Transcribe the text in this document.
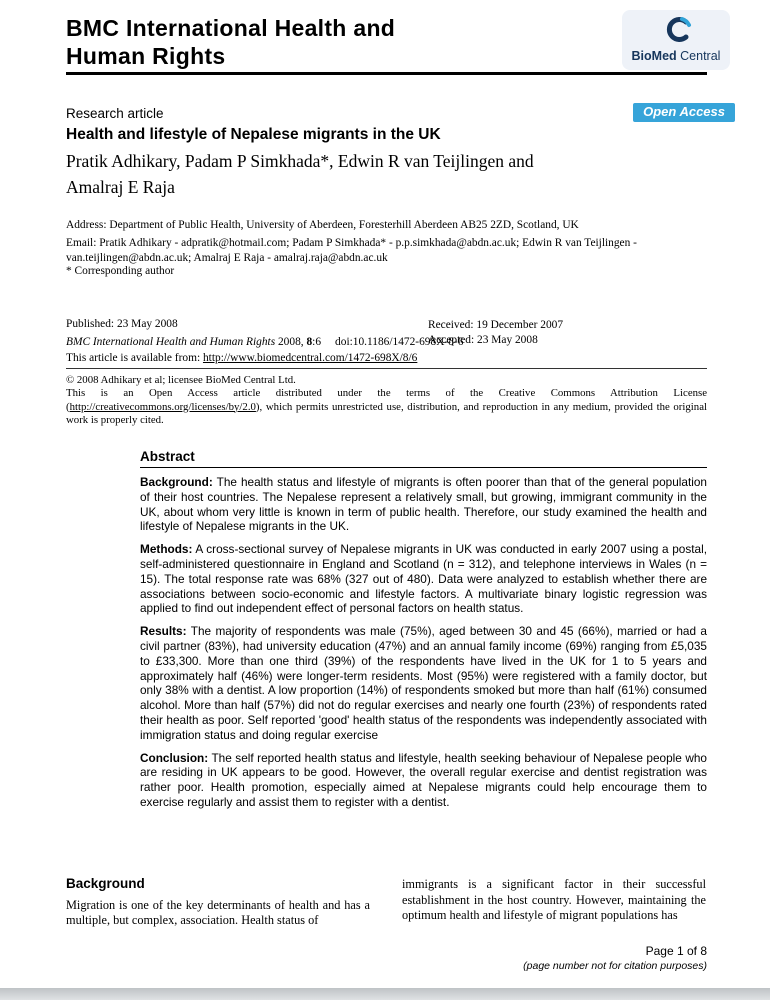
BMC International Health and
Human Rights	BioMed Central
Research article	Open Access
Health and lifestyle of Nepalese migrants in the UK
Pratik Adhikary, Padam P Simkhada*, Edwin R van Teijlingen and
Amalraj E Raja
Address: Department of Public Health, University of Aberdeen, Foresterhill Aberdeen AB25 2ZD, Scotland, UK
Email: Pratik Adhikary - adpratik@hotmail.com; Padam P Simkhada* - p.p.simkhada@abdn.ac.uk; Edwin R van Teijlingen - van.teijlingen@abdn.ac.uk; Amalraj E Raja - amalraj.raja@abdn.ac.uk
* Corresponding author
Published: 23 May 2008	Received: 19 December 2007
Accepted: 23 May 2008
BMC International Health and Human Rights 2008, 8:6 doi:10.1186/1472-698X-8-6
This article is available from: http://www.biomedcentral.com/1472-698X/8/6
© 2008 Adhikary et al; licensee BioMed Central Ltd.
This is an Open Access article distributed under the terms of the Creative Commons Attribution License (http://creativecommons.org/licenses/by/2.0), which permits unrestricted use, distribution, and reproduction in any medium, provided the original work is properly cited.
Abstract

Background: The health status and lifestyle of migrants is often poorer than that of the general population of their host countries. The Nepalese represent a relatively small, but growing, immigrant community in the UK, about whom very little is known in term of public health. Therefore, our study examined the health and lifestyle of Nepalese migrants in the UK.

Methods: A cross-sectional survey of Nepalese migrants in UK was conducted in early 2007 using a postal, self-administered questionnaire in England and Scotland (n = 312), and telephone interviews in Wales (n = 15). The total response rate was 68% (327 out of 480). Data were analyzed to establish whether there are associations between socio-economic and lifestyle factors. A multivariate binary logistic regression was applied to find out independent effect of personal factors on health status.

Results: The majority of respondents was male (75%), aged between 30 and 45 (66%), married or had a civil partner (83%), had university education (47%) and an annual family income (69%) ranging from £5,035 to £33,300. More than one third (39%) of the respondents have lived in the UK for 1 to 5 years and approximately half (46%) were longer-term residents. Most (95%) were registered with a family doctor, but only 38% with a dentist. A low proportion (14%) of respondents smoked but more than half (61%) consumed alcohol. More than half (57%) did not do regular exercises and nearly one fourth (23%) of respondents rated their health as poor. Self reported 'good' health status of the respondents was independently associated with immigration status and doing regular exercise

Conclusion: The self reported health status and lifestyle, health seeking behaviour of Nepalese people who are residing in UK appears to be good. However, the overall regular exercise and dentist registration was rather poor. Health promotion, especially aimed at Nepalese migrants could help encourage them to exercise regularly and assist them to register with a dentist.

Background
Migration is one of the key determinants of health and has a multiple, but complex, association. Health status of
immigrants is a significant factor in their successful establishment in the host country. However, maintaining the optimum health and lifestyle of migrant populations has
Page 1 of 8
(page number not for citation purposes)
